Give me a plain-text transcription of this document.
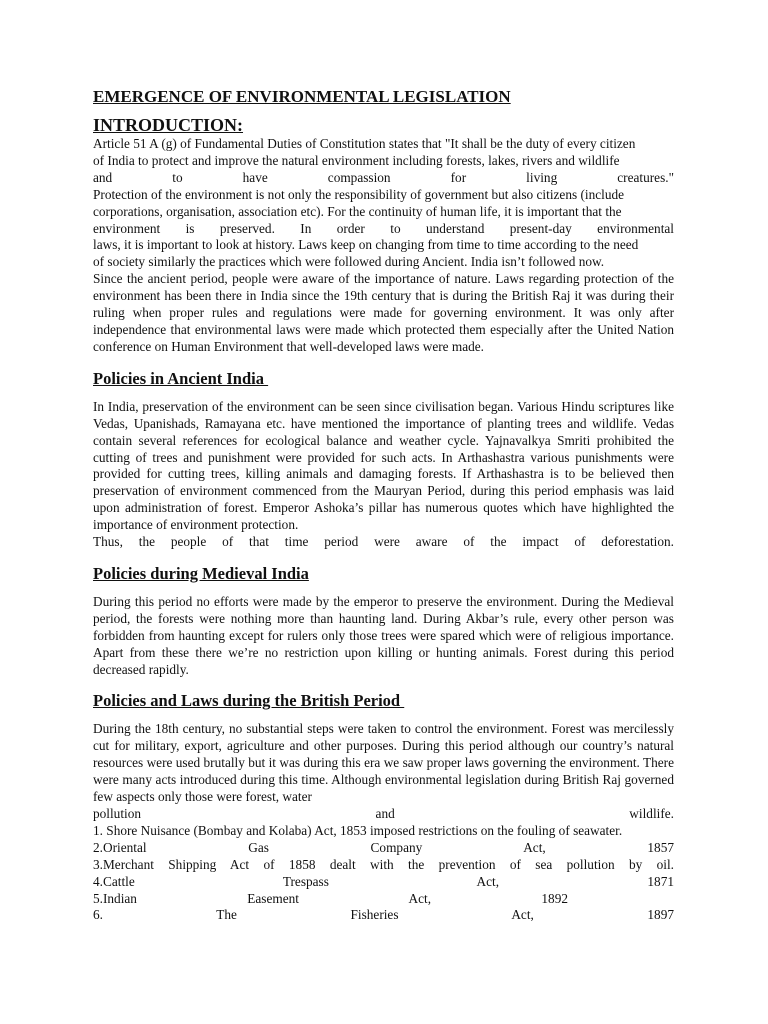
EMERGENCE OF ENVIRONMENTAL LEGISLATION
INTRODUCTION:
Article 51 A (g) of Fundamental Duties of Constitution states that "It shall be the duty of every citizen
of India to protect and improve the natural environment including forests, lakes, rivers and wildlife
and to have compassion for living creatures."
Protection of the environment is not only the responsibility of government but also citizens (include
corporations, organisation, association etc). For the continuity of human life, it is important that the
environment is preserved. In order to understand present-day environmental
laws, it is important to look at history. Laws keep on changing from time to time according to the need
of society similarly the practices which were followed during Ancient. India isn’t followed now.

Since the ancient period, people were aware of the importance of nature. Laws regarding protection of the environment has been there in India since the 19th century that is during the British Raj it was during their ruling when proper rules and regulations were made for governing environment. It was only after independence that environmental laws were made which protected them especially after the United Nation conference on Human Environment that well-developed laws were made.

Policies in Ancient India

In India, preservation of the environment can be seen since civilisation began. Various Hindu scriptures like Vedas, Upanishads, Ramayana etc. have mentioned the importance of planting trees and wildlife. Vedas contain several references for ecological balance and weather cycle. Yajnavalkya Smriti prohibited the cutting of trees and punishment were provided for such acts. In Arthashastra various punishments were provided for cutting trees, killing animals and damaging forests. If Arthashastra is to be believed then preservation of environment commenced from the Mauryan Period, during this period emphasis was laid upon administration of forest. Emperor Ashoka’s pillar has numerous quotes which have highlighted the importance of environment protection.

Thus, the people of that time period were aware of the impact of deforestation.
Policies during Medieval India

During this period no efforts were made by the emperor to preserve the environment. During the Medieval period, the forests were nothing more than haunting land. During Akbar’s rule, every other person was forbidden from haunting except for rulers only those trees were spared which were of religious importance. Apart from these there we’re no restriction upon killing or hunting animals. Forest during this period decreased rapidly.

Policies and Laws during the British Period

During the 18th century, no substantial steps were taken to control the environment. Forest was mercilessly cut for military, export, agriculture and other purposes. During this period although our country’s natural resources were used brutally but it was during this era we saw proper laws governing the environment. There were many acts introduced during this time. Although environmental legislation during British Raj governed few aspects only those were forest, water

pollution and wildlife.
1. Shore Nuisance (Bombay and Kolaba) Act, 1853 imposed restrictions on the fouling of seawater.
2.Oriental Gas Company Act, 1857
3.Merchant Shipping Act of 1858 dealt with the prevention of sea pollution by oil.
4.Cattle Trespass Act, 1871
5.Indian Easement Act, 1892
6. The Fisheries Act, 1897
